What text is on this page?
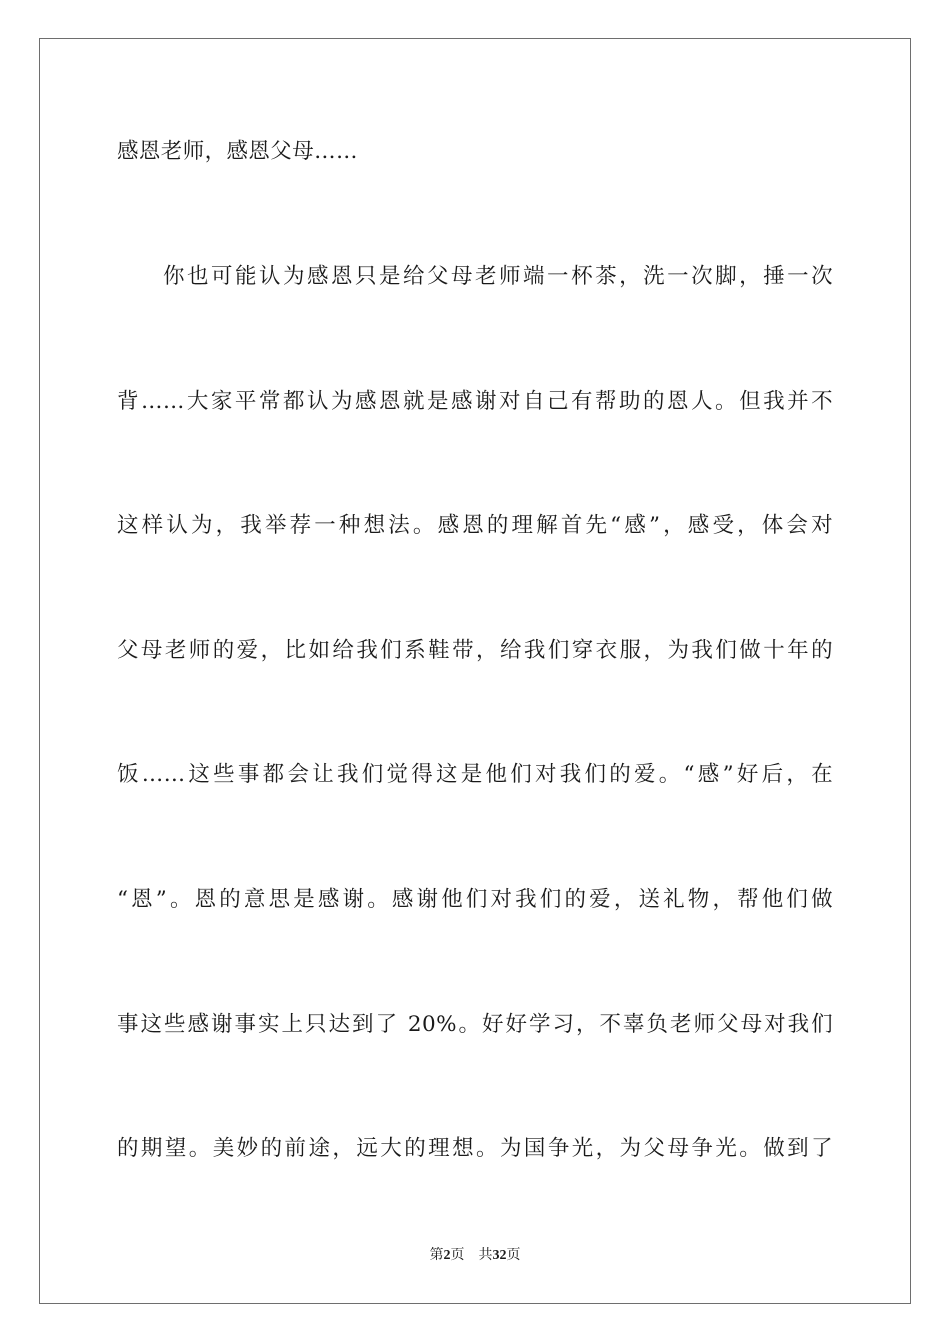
感恩老师，感恩父母……
你也可能认为感恩只是给父母老师端一杯茶，洗一次脚，捶一次
背……大家平常都认为感恩就是感谢对自己有帮助的恩人。但我并不
这样认为，我举荐一种想法。感恩的理解首先“感”，感受，体会对
父母老师的爱，比如给我们系鞋带，给我们穿衣服，为我们做十年的
饭……这些事都会让我们觉得这是他们对我们的爱。“感”好后，在
“恩”。恩的意思是感谢。感谢他们对我们的爱，送礼物，帮他们做
事这些感谢事实上只达到了 20%。好好学习，不辜负老师父母对我们
的期望。美妙的前途，远大的理想。为国争光，为父母争光。做到了
第2页 共32页
